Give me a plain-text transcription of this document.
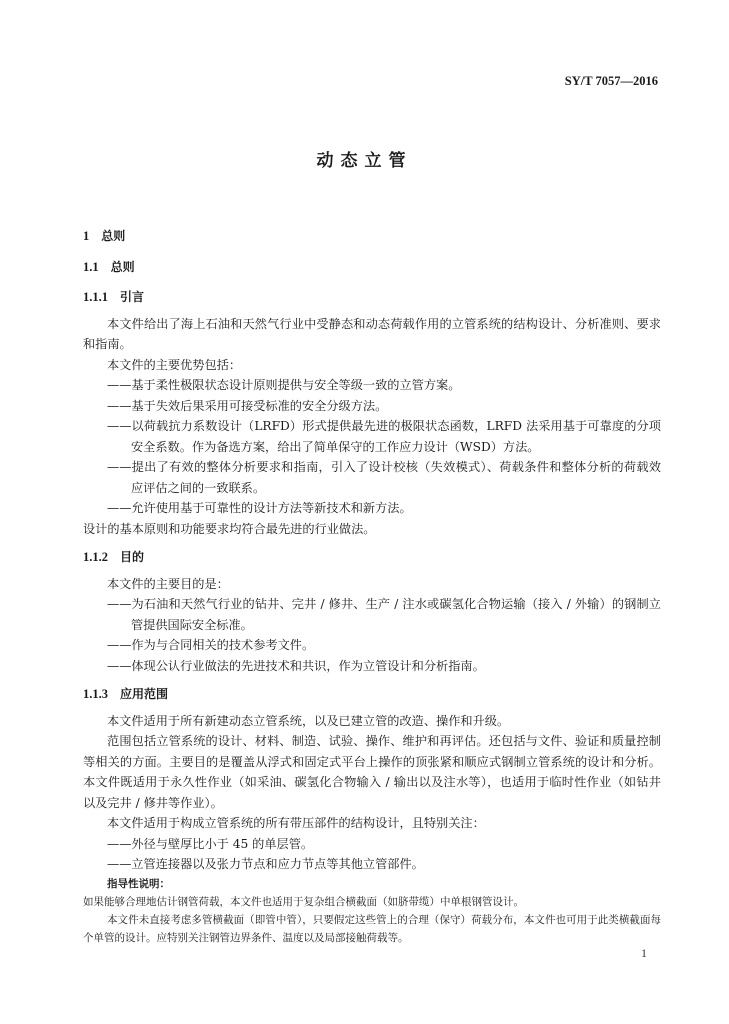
SY/T 7057—2016
动态立管
1 总则
1.1 总则
1.1.1 引言
本文件给出了海上石油和天然气行业中受静态和动态荷载作用的立管系统的结构设计、分析准则、要求和指南。
本文件的主要优势包括：
——基于柔性极限状态设计原则提供与安全等级一致的立管方案。
——基于失效后果采用可接受标准的安全分级方法。
——以荷载抗力系数设计（LRFD）形式提供最先进的极限状态函数，LRFD 法采用基于可靠度的分项安全系数。作为备选方案，给出了简单保守的工作应力设计（WSD）方法。
——提出了有效的整体分析要求和指南，引入了设计校核（失效模式）、荷载条件和整体分析的荷载效应评估之间的一致联系。
——允许使用基于可靠性的设计方法等新技术和新方法。
设计的基本原则和功能要求均符合最先进的行业做法。
1.1.2 目的
本文件的主要目的是：
——为石油和天然气行业的钻井、完井 / 修井、生产 / 注水或碳氢化合物运输（接入 / 外输）的钢制立管提供国际安全标准。
——作为与合同相关的技术参考文件。
——体现公认行业做法的先进技术和共识，作为立管设计和分析指南。
1.1.3 应用范围
本文件适用于所有新建动态立管系统，以及已建立管的改造、操作和升级。
范围包括立管系统的设计、材料、制造、试验、操作、维护和再评估。还包括与文件、验证和质量控制等相关的方面。主要目的是覆盖从浮式和固定式平台上操作的顶张紧和顺应式钢制立管系统的设计和分析。本文件既适用于永久性作业（如采油、碳氢化合物输入 / 输出以及注水等），也适用于临时性作业（如钻井以及完井 / 修井等作业）。
本文件适用于构成立管系统的所有带压部件的结构设计，且特别关注：
——外径与壁厚比小于 45 的单层管。
——立管连接器以及张力节点和应力节点等其他立管部件。
指导性说明：
如果能够合理地估计钢管荷载，本文件也适用于复杂组合横截面（如脐带缆）中单根钢管设计。
本文件未直接考虑多管横截面（即管中管），只要假定这些管上的合理（保守）荷载分布，本文件也可用于此类横截面每个单管的设计。应特别关注钢管边界条件、温度以及局部接触荷载等。
1
